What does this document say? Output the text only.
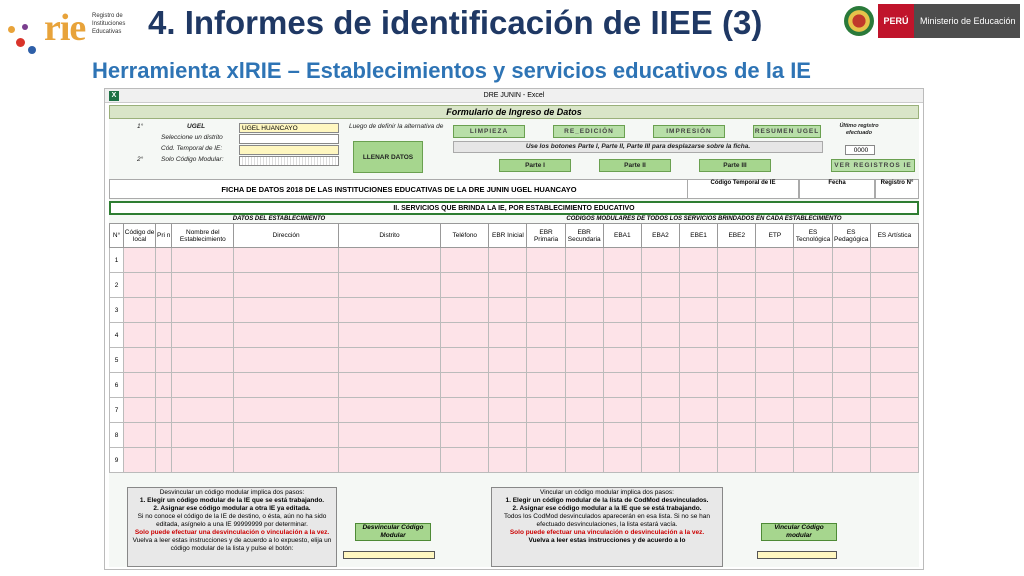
rie Registro de Instituciones Educativas 4. Informes de identificación de IIEE (3)
Herramienta xlRIE – Establecimientos y servicios educativos de la IE
PERÚ	Ministerio de Educación
X	DRE JUNIN - Excel
Formulario de Ingreso de Datos
1°	UGEL	UGEL HUANCAYO
Seleccione un distrito
Cód. Temporal de IE:
2°	Solo Código Modular:
Luego de definir la alternativa de
LLENAR DATOS
LIMPIEZA	RE_EDICIÓN	IMPRESIÓN	RESUMEN UGEL
Último registro efectuado
0000
Use los botones Parte I, Parte II, Parte III para desplazarse sobre la ficha.
Parte I	Parte II	Parte III	VER REGISTROS IE
FICHA DE DATOS 2018 DE LAS INSTITUCIONES EDUCATIVAS DE LA DRE JUNIN UGEL HUANCAYO
Código Temporal de IE	Fecha	Registro N°
II. SERVICIOS QUE BRINDA LA IE, POR ESTABLECIMIENTO EDUCATIVO
DATOS DEL ESTABLECIMIENTO	CODIGOS MODULARES DE TODOS LOS SERVICIOS BRINDADOS EN CADA ESTABLECIMIENTO
N°	Código de local	Pri n	Nombre del Establecimiento	Dirección	Distrito	Teléfono	EBR Inicial	EBR Primaria	EBR Secundaria	EBA1	EBA2	EBE1	EBE2	ETP	ES Tecnológica	ES Pedagógica	ES Artística
1																	
2																	
3																	
4																	
5																	
6																	
7																	
8																	
9																	
Desvincular un código modular implica dos pasos:
1. Elegir un código modular de la IE que se está trabajando.
2. Asignar ese código modular a otra IE ya editada.
Si no conoce el código de la IE de destino, o ésta, aún no ha sido editada, asígnelo a una IE 99999999 por determinar.
Solo puede efectuar una desvinculación o vinculación a la vez.
Vuelva a leer estas instrucciones y de acuerdo a lo expuesto, elija un código modular de la lista y pulse el botón:
Desvincular Código Modular
Vincular un código modular implica dos pasos:
1. Elegir un código modular de la lista de CodMod desvinculados.
2. Asignar ese código modular a la IE que se está trabajando.
Todos los CodMod desvinculados aparecerán en esa lista. Si no se han efectuado desvinculaciones, la lista estará vacía.
Solo puede efectuar una vinculación o desvinculación a la vez.
Vuelva a leer estas instrucciones y de acuerdo a lo
Vincular Código modular
